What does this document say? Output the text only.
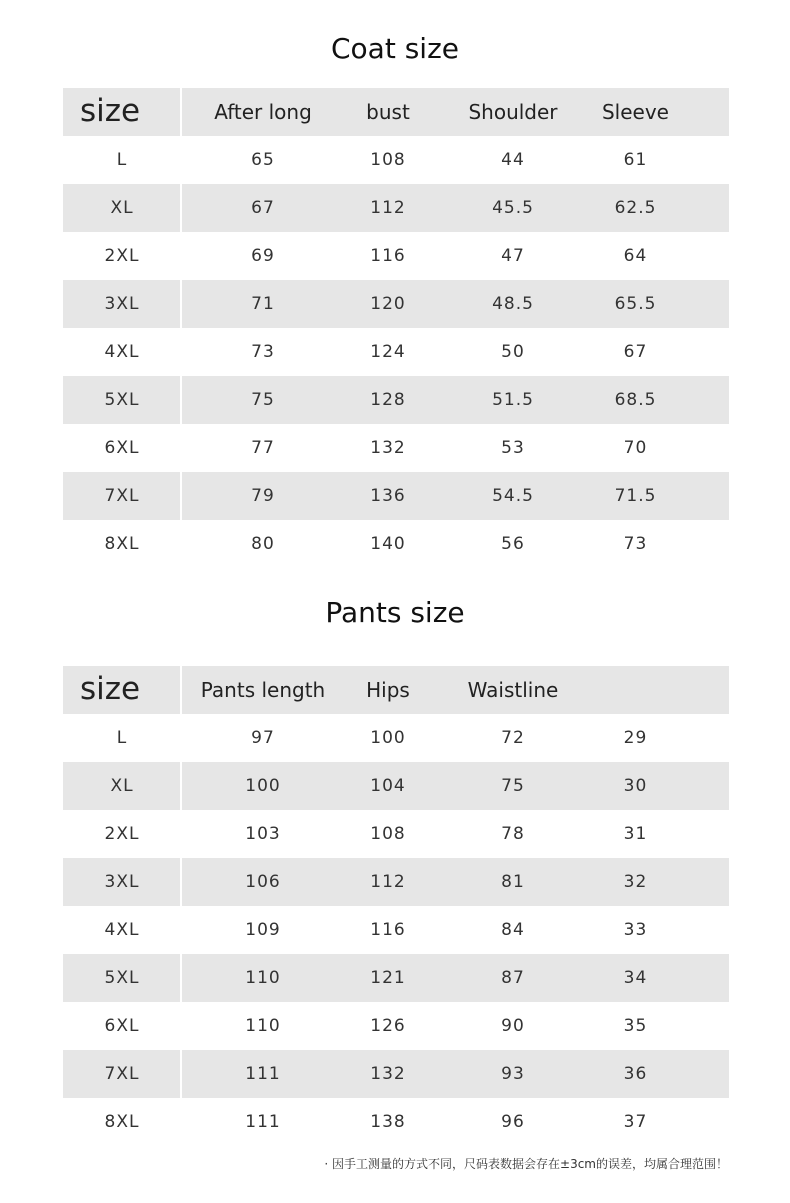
Coat size
size	After long	bust	Shoulder	Sleeve
L	65	108	44	61
XL	67	112	45.5	62.5
2XL	69	116	47	64
3XL	71	120	48.5	65.5
4XL	73	124	50	67
5XL	75	128	51.5	68.5
6XL	77	132	53	70
7XL	79	136	54.5	71.5
8XL	80	140	56	73
Pants size
size	Pants length	Hips	Waistline
L	97	100	72	29
XL	100	104	75	30
2XL	103	108	78	31
3XL	106	112	81	32
4XL	109	116	84	33
5XL	110	121	87	34
6XL	110	126	90	35
7XL	111	132	93	36
8XL	111	138	96	37
· 因手工测量的方式不同，尺码表数据会存在±3cm的误差，均属合理范围！
